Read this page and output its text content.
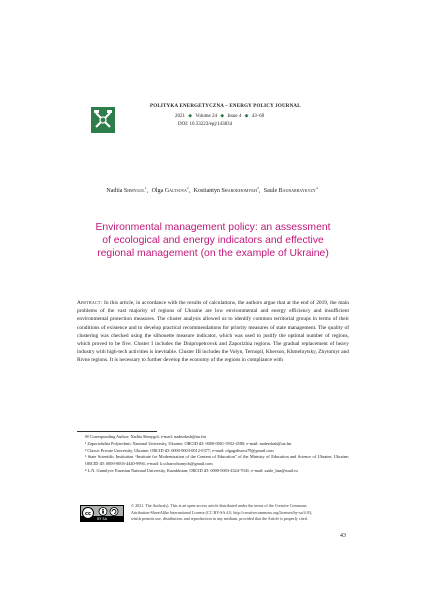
POLITYKA ENERGETYCZNA – ENERGY POLICY JOURNAL
2021 ◆ Volume 24 ◆ Issue 4 ◆ 43–60
DOI: 10.33223/epj/143834
Nadiia Shmygol$^1$, Olga Galtsova$^2$, Kostiantyn Sharokhomykh$^3$, Saule Baubarbaykyzy$^4$
Environmental management policy: an assessment of ecological and energy indicators and effective regional management (on the example of Ukraine)
Abstract: In this article, in accordance with the results of calculations, the authors argue that at the end of 2019, the main problems of the vast majority of regions of Ukraine are low environmental and energy efficiency and insufficient environmental protection measures. The cluster analysis allowed us to identify common territorial groups in terms of their conditions of existence and to develop practical recommendations for priority measures of state management. The quality of clustering was checked using the silhouette measure indicator, which was used to justify the optimal number of regions, which proved to be five. Cluster I includes the Dnipropetrovsk and Zaporizhia regions. The gradual replacement of heavy industry with high-tech activities is inevitable. Cluster III includes the Volyn, Ternopil, Kherson, Khmelnytsky, Zhytomyr and Rivne regions. It is necessary to further develop the economy of the regions in compliance with

✉ Corresponding Author: Nadiia Shmygol; e-mail: nadezdash@ua.fm

¹ Zaporizhzhia Polytechnic National University, Ukraine; ORCID iD: 0000-0001-5932-4580; e-mail: nadezdash@ua.fm

² Classic Private University, Ukraine; ORCID iD: 0000-0003-0012-0377; e-mail: olgagaltsova79@gmail.com

³ State Scientific Institution “Institute for Modernization of the Content of Education” of the Ministry of Education and Science of Ukraine, Ukraine; ORCID iD: 0000-0003-4440-9994; e-mail: k.scharochomych@gmail.com

⁴ L.N. Gumilyov Eurasian National University, Kazakhstan; ORCID iD: 0000-0003-4324-7041; e-mail: saule_baa@mail.ru

cc
BY SA

© 2021. The Author(s). This is an open-access article distributed under the terms of the Creative Commons

Attribution-ShareAlike International License (CC BY-SA 4.0, http://creativecommons.org/licenses/by-sa/4.0/),

which permits use, distribution, and reproduction in any medium, provided that the Article is properly cited.

43
